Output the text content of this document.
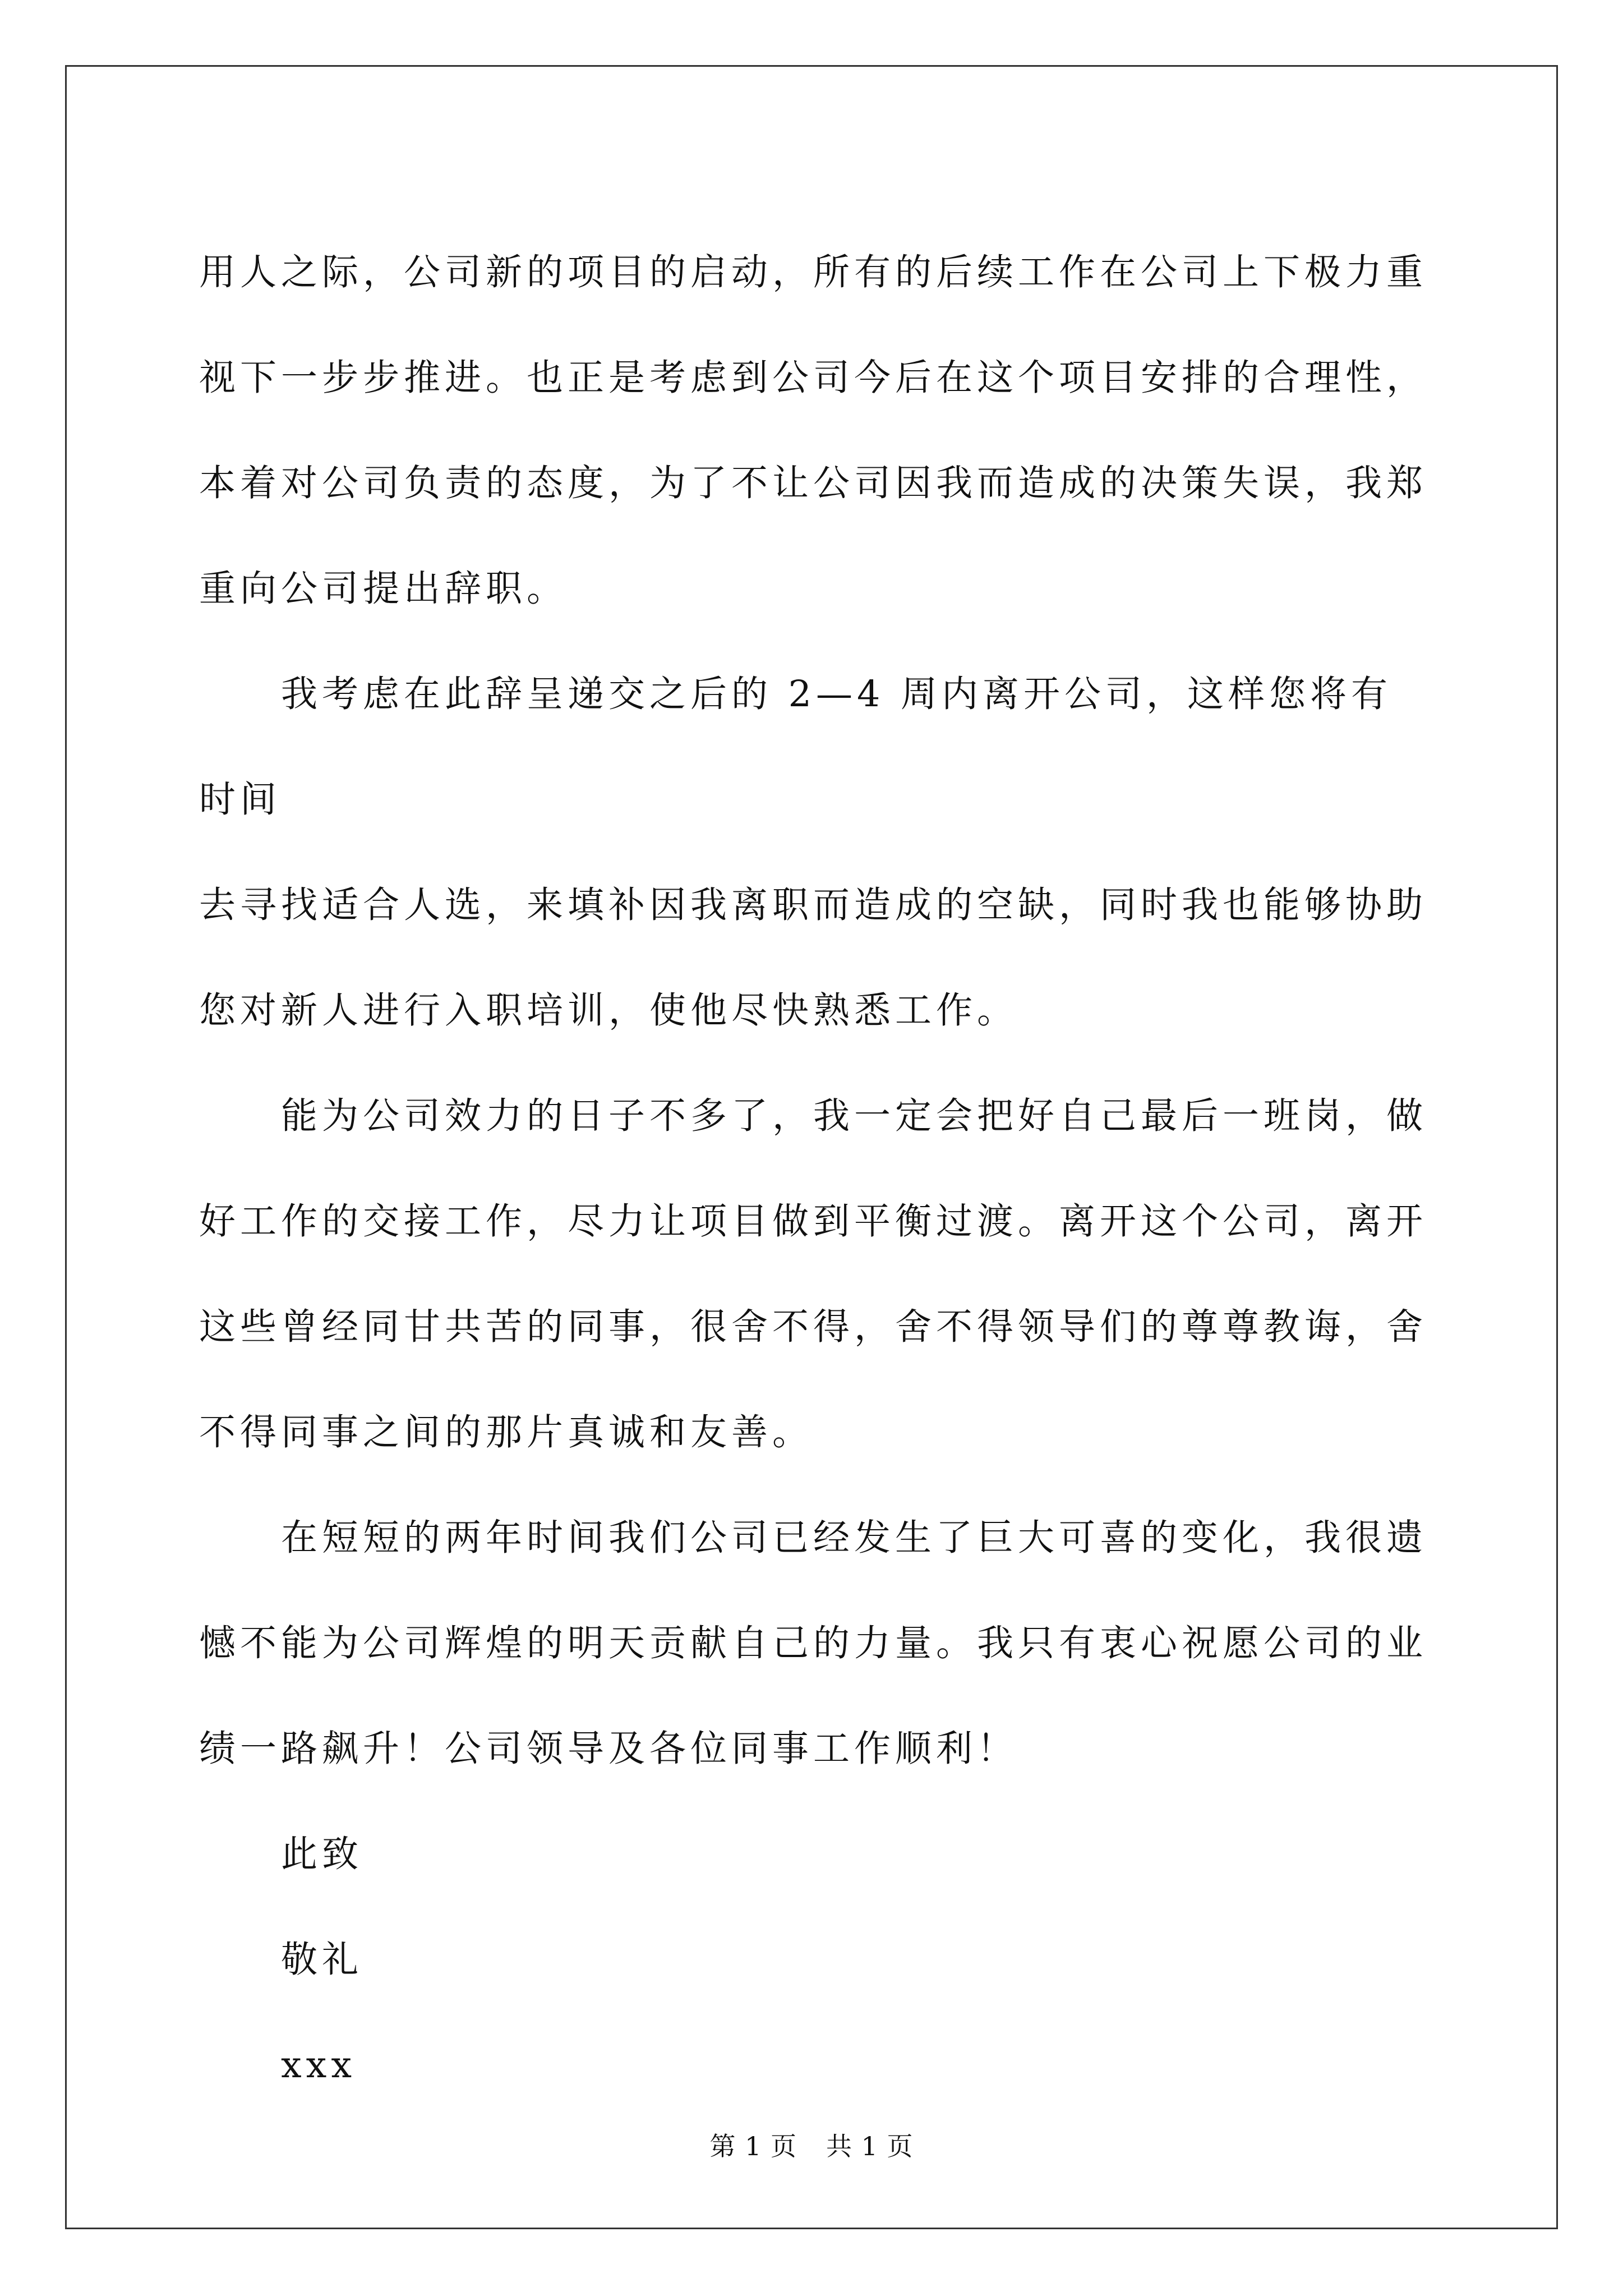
用人之际，公司新的项目的启动，所有的后续工作在公司上下极力重
视下一步步推进。也正是考虑到公司今后在这个项目安排的合理性，
本着对公司负责的态度，为了不让公司因我而造成的决策失误，我郑
重向公司提出辞职。

我考虑在此辞呈递交之后的 2—4 周内离开公司，这样您将有时间
去寻找适合人选，来填补因我离职而造成的空缺，同时我也能够协助
您对新人进行入职培训，使他尽快熟悉工作。

能为公司效力的日子不多了，我一定会把好自己最后一班岗，做
好工作的交接工作，尽力让项目做到平衡过渡。离开这个公司，离开
这些曾经同甘共苦的同事，很舍不得，舍不得领导们的尊尊教诲，舍
不得同事之间的那片真诚和友善。

在短短的两年时间我们公司已经发生了巨大可喜的变化，我很遗
憾不能为公司辉煌的明天贡献自己的力量。我只有衷心祝愿公司的业
绩一路飙升！公司领导及各位同事工作顺利！

此致

敬礼

xxx

第 1 页 共 1 页
